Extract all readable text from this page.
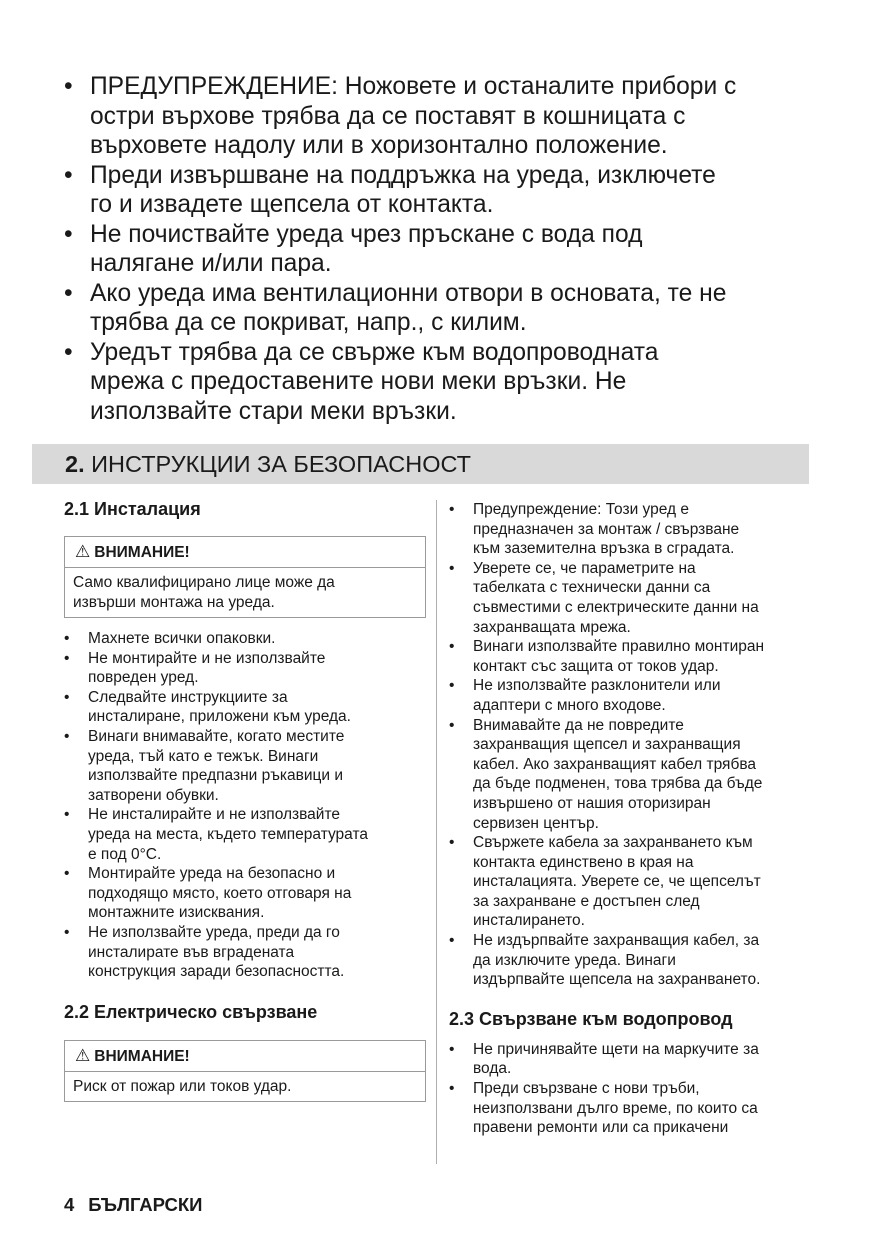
• ПРЕДУПРЕЖДЕНИЕ: Ножовете и останалите прибори с
остри върхове трябва да се поставят в кошницата с
върховете надолу или в хоризонтално положение.
• Преди извършване на поддръжка на уреда, изключете
го и извадете щепсела от контакта.
• Не почиствайте уреда чрез пръскане с вода под
налягане и/или пара.
• Ако уреда има вентилационни отвори в основата, те не
трябва да се покриват, напр., с килим.
• Уредът трябва да се свърже към водопроводната
мрежа с предоставените нови меки връзки. Не
използвайте стари меки връзки.
2. ИНСТРУКЦИИ ЗА БЕЗОПАСНОСТ
2.1 Инсталация
⚠ ВНИМАНИЕ!
Само квалифицирано лице може да
извърши монтажа на уреда.
• Махнете всички опаковки.
• Не монтирайте и не използвайте
повреден уред.
• Следвайте инструкциите за
инсталиране, приложени към уреда.
• Винаги внимавайте, когато местите
уреда, тъй като е тежък. Винаги
използвайте предпазни ръкавици и
затворени обувки.
• Не инсталирайте и не използвайте
уреда на места, където температурата
е под 0°C.
• Монтирайте уреда на безопасно и
подходящо място, което отговаря на
монтажните изисквания.
• Не използвайте уреда, преди да го
инсталирате във вградената
конструкция заради безопасността.
2.2 Електрическо свързване
⚠ ВНИМАНИЕ!
Риск от пожар или токов удар.
• Предупреждение: Този уред е
предназначен за монтаж / свързване
към заземителна връзка в сградата.
• Уверете се, че параметрите на
табелката с технически данни са
съвместими с електрическите данни на
захранващата мрежа.
• Винаги използвайте правилно монтиран
контакт със защита от токов удар.
• Не използвайте разклонители или
адаптери с много входове.
• Внимавайте да не повредите
захранващия щепсел и захранващия
кабел. Ако захранващият кабел трябва
да бъде подменен, това трябва да бъде
извършено от нашия оторизиран
сервизен център.
• Свържете кабела за захранването към
контакта единствено в края на
инсталацията. Уверете се, че щепселът
за захранване е достъпен след
инсталирането.
• Не издърпвайте захранващия кабел, за
да изключите уреда. Винаги
издърпвайте щепсела на захранването.
2.3 Свързване към водопровод
• Не причинявайте щети на маркучите за
вода.
• Преди свързване с нови тръби,
неизползвани дълго време, по които са
правени ремонти или са прикачени
4 БЪЛГАРСКИ
